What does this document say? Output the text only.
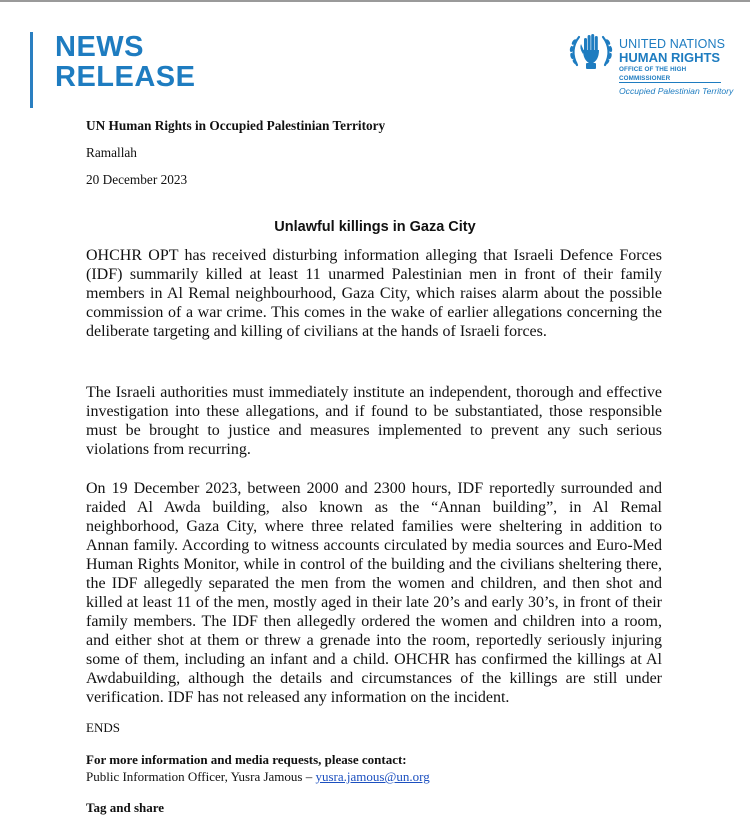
NEWS
RELEASE
UNITED NATIONS
HUMAN RIGHTS
OFFICE OF THE HIGH COMMISSIONER
Occupied Palestinian Territory
UN Human Rights in Occupied Palestinian Territory
Ramallah
20 December 2023
Unlawful killings in Gaza City

OHCHR OPT has received disturbing information alleging that Israeli Defence Forces (IDF) summarily killed at least 11 unarmed Palestinian men in front of their family members in Al Remal neighbourhood, Gaza City, which raises alarm about the possible commission of a war crime. This comes in the wake of earlier allegations concerning the deliberate targeting and killing of civilians at the hands of Israeli forces.

The Israeli authorities must immediately institute an independent, thorough and effective investigation into these allegations, and if found to be substantiated, those responsible must be brought to justice and measures implemented to prevent any such serious violations from recurring.

On 19 December 2023, between 2000 and 2300 hours, IDF reportedly surrounded and raided Al Awda building, also known as the “Annan building”, in Al Remal neighborhood, Gaza City, where three related families were sheltering in addition to Annan family. According to witness accounts circulated by media sources and Euro-Med Human Rights Monitor, while in control of the building and the civilians sheltering there, the IDF allegedly separated the men from the women and children, and then shot and killed at least 11 of the men, mostly aged in their late 20’s and early 30’s, in front of their family members. The IDF then allegedly ordered the women and children into a room, and either shot at them or threw a grenade into the room, reportedly seriously injuring some of them, including an infant and a child. OHCHR has confirmed the killings at Al Awdabuilding, although the details and circumstances of the killings are still under verification. IDF has not released any information on the incident.

ENDS
For more information and media requests, please contact:
Public Information Officer, Yusra Jamous – yusra.jamous@un.org
Tag and share
